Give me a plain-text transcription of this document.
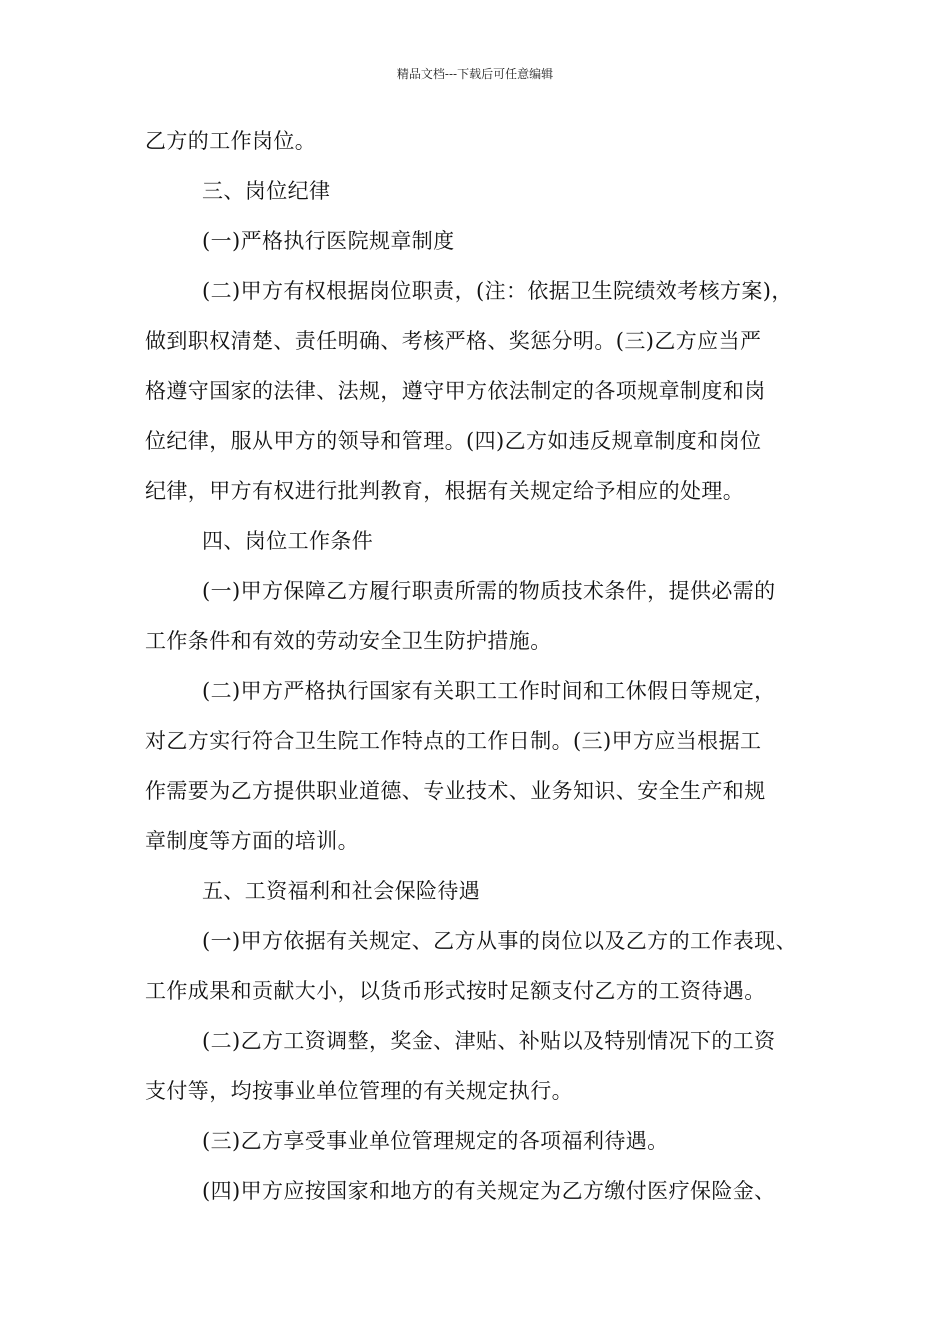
精品文档---下载后可任意编辑
乙方的工作岗位。
三、岗位纪律
(一)严格执行医院规章制度
(二)甲方有权根据岗位职责，(注：依据卫生院绩效考核方案)，
做到职权清楚、责任明确、考核严格、奖惩分明。(三)乙方应当严
格遵守国家的法律、法规，遵守甲方依法制定的各项规章制度和岗
位纪律，服从甲方的领导和管理。(四)乙方如违反规章制度和岗位
纪律，甲方有权进行批判教育，根据有关规定给予相应的处理。
四、岗位工作条件
(一)甲方保障乙方履行职责所需的物质技术条件，提供必需的
工作条件和有效的劳动安全卫生防护措施。
(二)甲方严格执行国家有关职工工作时间和工休假日等规定，
对乙方实行符合卫生院工作特点的工作日制。(三)甲方应当根据工
作需要为乙方提供职业道德、专业技术、业务知识、安全生产和规
章制度等方面的培训。
五、工资福利和社会保险待遇
(一)甲方依据有关规定、乙方从事的岗位以及乙方的工作表现、
工作成果和贡献大小，以货币形式按时足额支付乙方的工资待遇。
(二)乙方工资调整，奖金、津贴、补贴以及特别情况下的工资
支付等，均按事业单位管理的有关规定执行。
(三)乙方享受事业单位管理规定的各项福利待遇。
(四)甲方应按国家和地方的有关规定为乙方缴付医疗保险金、
